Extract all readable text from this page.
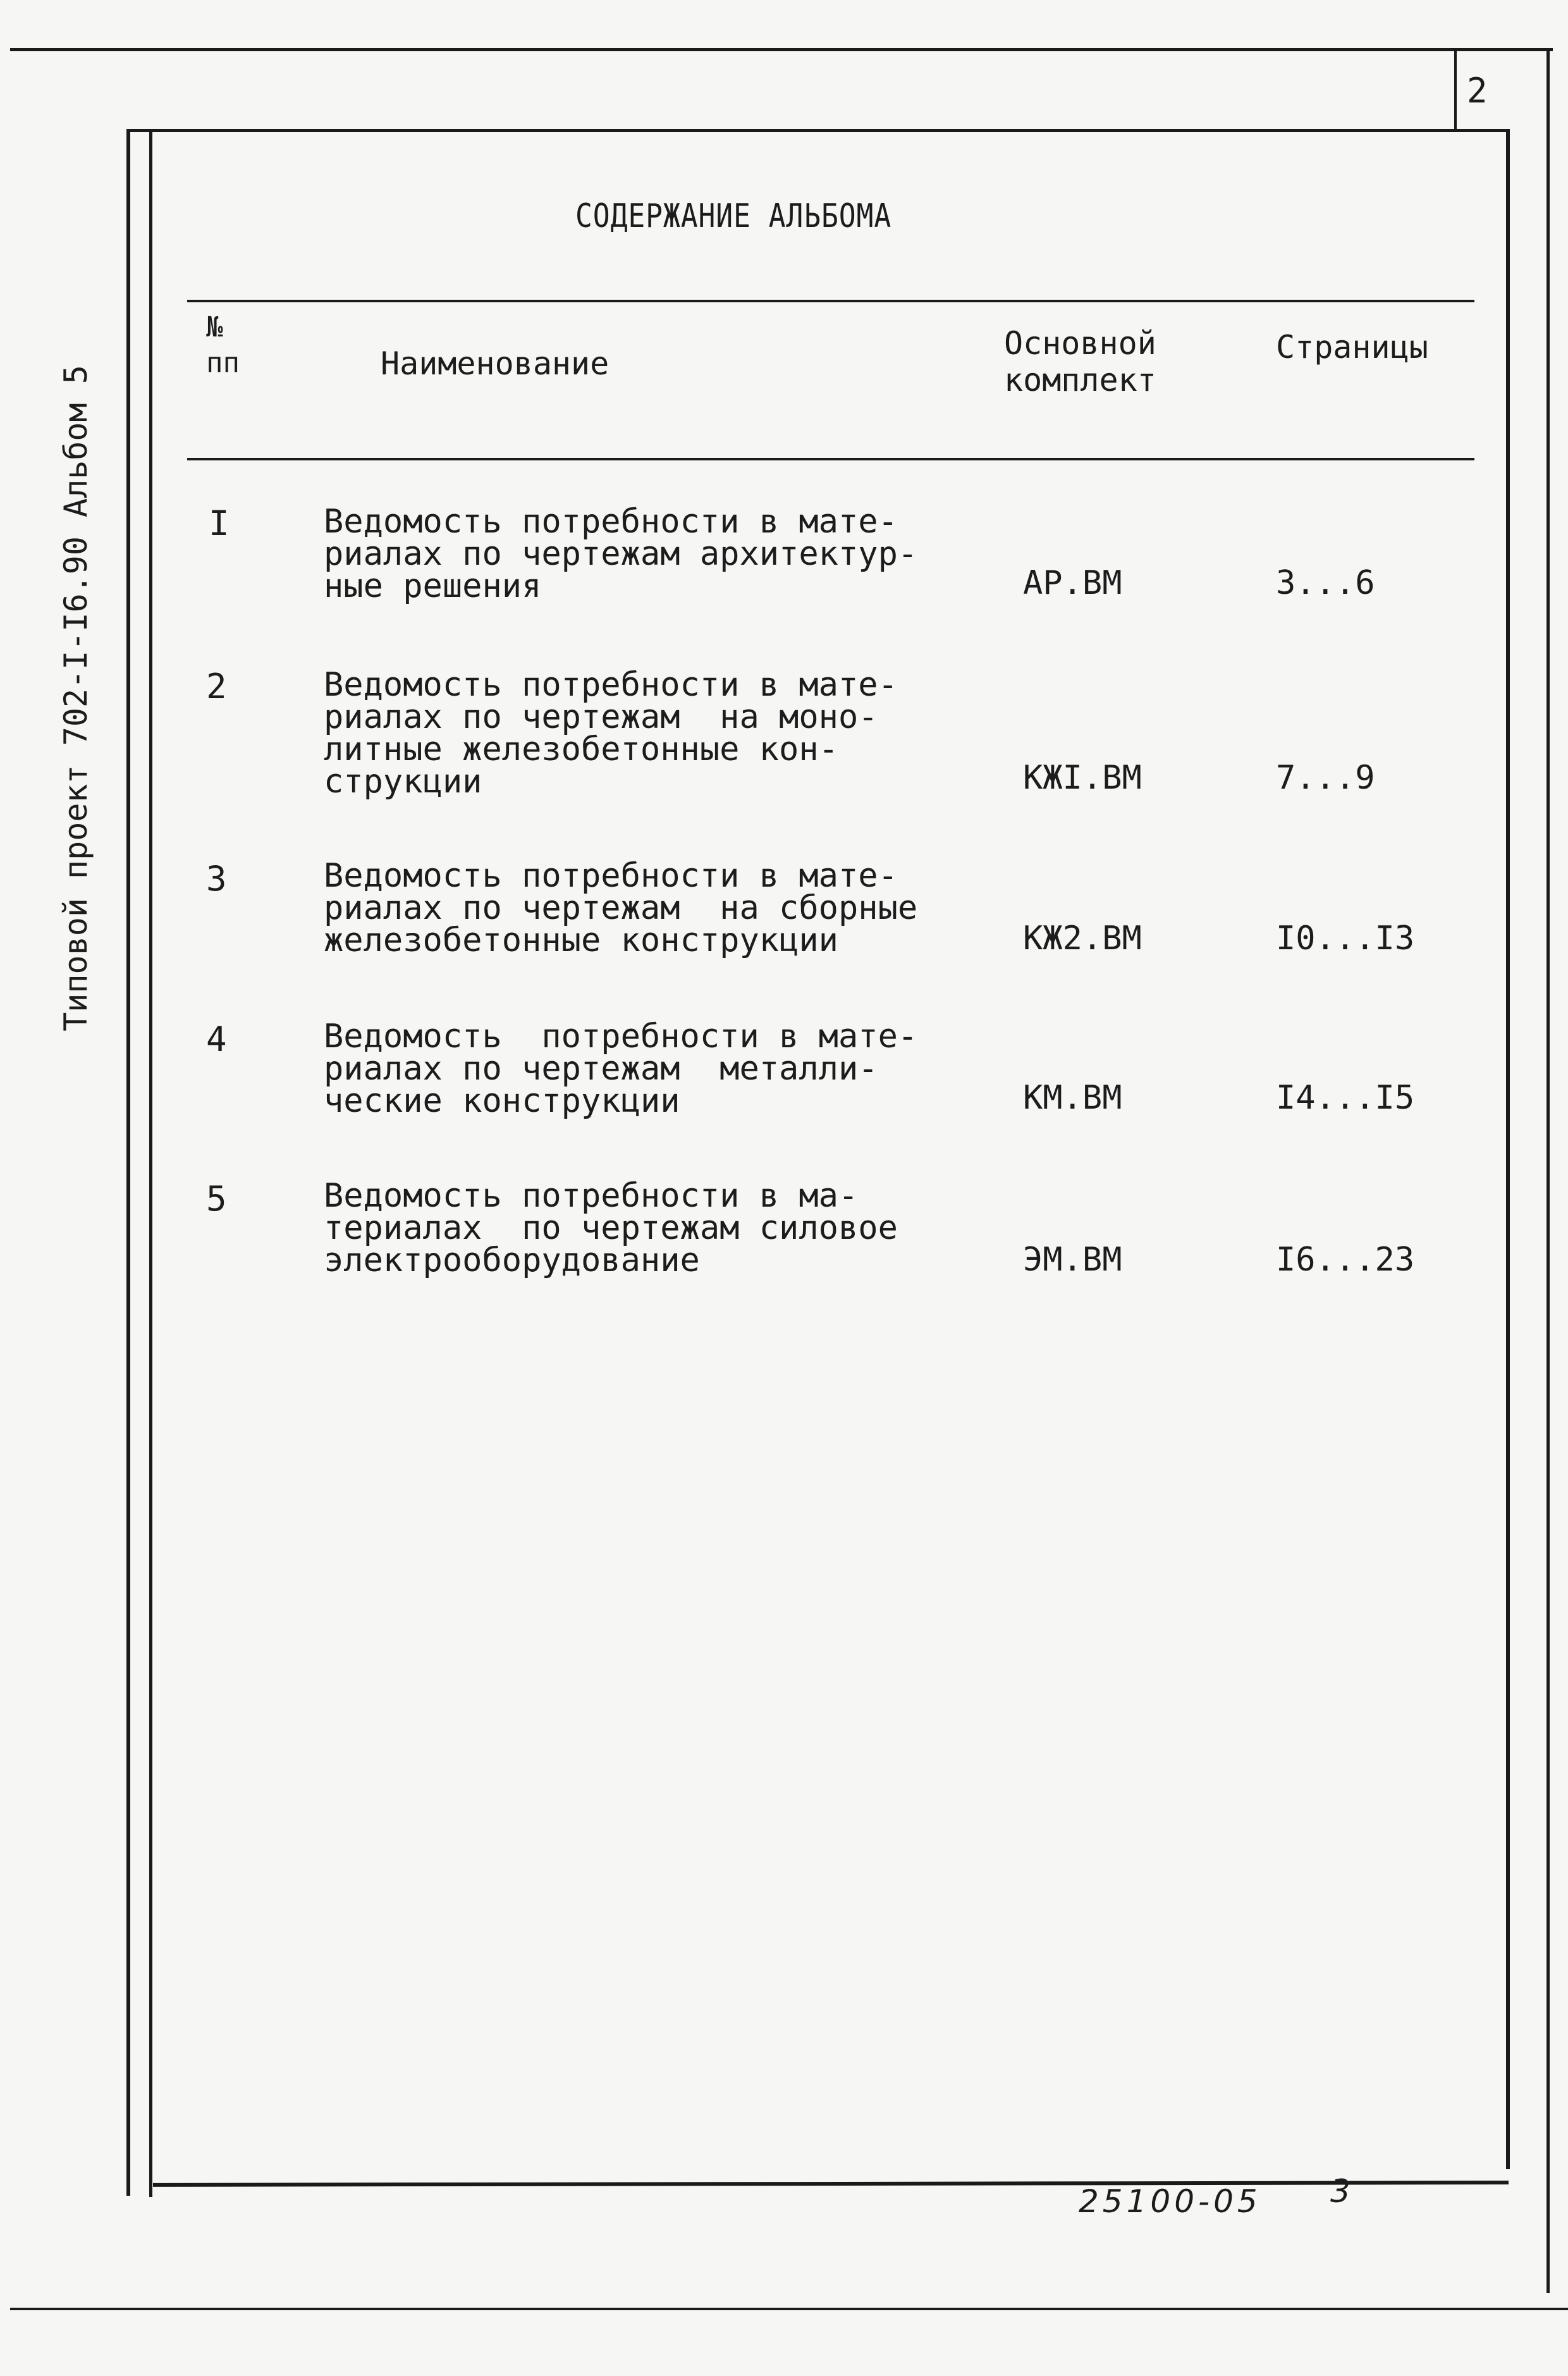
2
Типовой проект 702-I-I6.90 Альбом 5
СОДЕРЖАНИЕ АЛЬБОМА
№
пп	Наименование
Основной
комплект
Страницы
I	Ведомость потребности в мате-
риалах по чертежам архитектур-
ные решения	АР.ВМ	3...6
2	Ведомость потребности в мате-
риалах по чертежам  на моно-
литные железобетонные кон-
струкции	КЖI.ВМ	7...9
3	Ведомость потребности в мате-
риалах по чертежам  на сборные
железобетонные конструкции	КЖ2.ВМ	I0...I3
4	Ведомость  потребности в мате-
риалах по чертежам  металли-
ческие конструкции	КМ.ВМ	I4...I5
5	Ведомость потребности в ма-
териалах  по чертежам силовое
электрооборудование	ЭМ.ВМ	I6...23
25100-05 3
